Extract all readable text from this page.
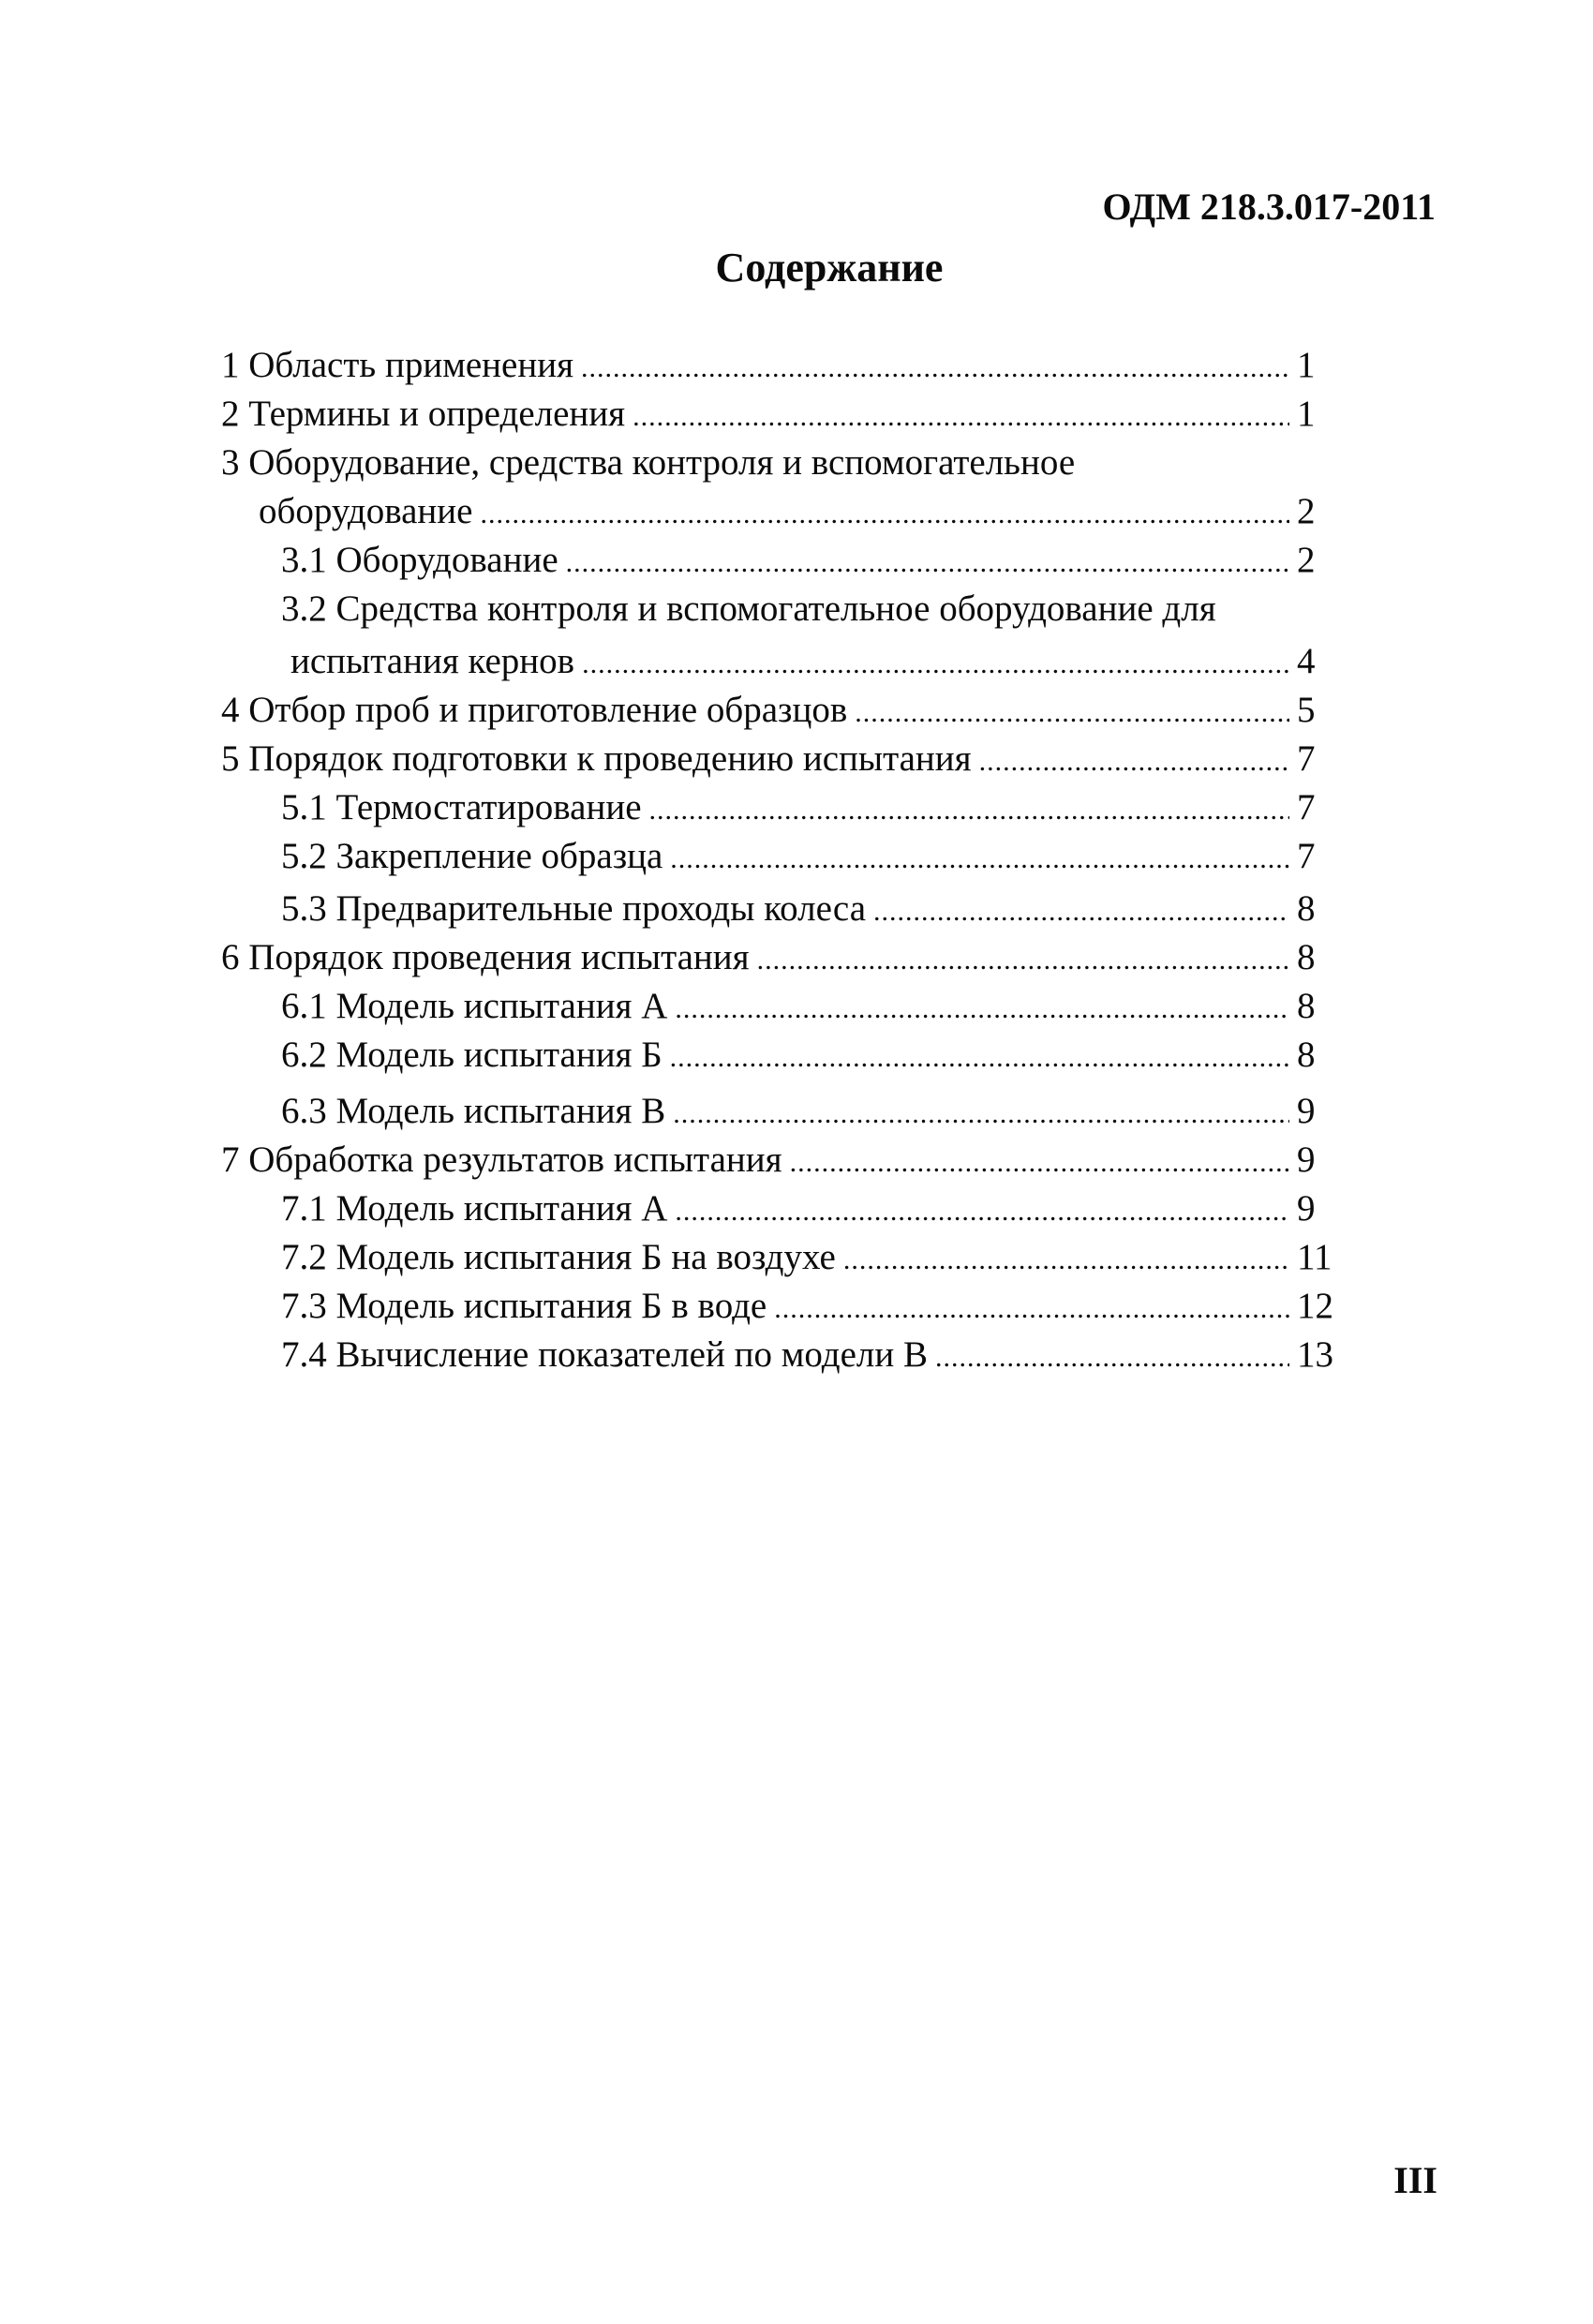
ОДМ 218.3.017-2011
Содержание
1 Область применения .....	1
2 Термины и определения .....	1
3 Оборудование, средства контроля и вспомогательное
оборудование .....	2
3.1 Оборудование .....	2
3.2 Средства контроля и вспомогательное оборудование для
испытания кернов .....	4
4 Отбор проб и приготовление образцов .....	5
5 Порядок подготовки к проведению испытания .....	7
5.1 Термостатирование .....	7
5.2 Закрепление образца .....	7
5.3 Предварительные проходы колеса .....	8
6 Порядок проведения испытания .....	8
6.1 Модель испытания А .....	8
6.2 Модель испытания Б .....	8
6.3 Модель испытания В .....	9
7 Обработка результатов испытания .....	9
7.1 Модель испытания А .....	9
7.2 Модель испытания Б на воздухе .....	11
7.3 Модель испытания Б в воде .....	12
7.4 Вычисление показателей по модели В .....	13
III
